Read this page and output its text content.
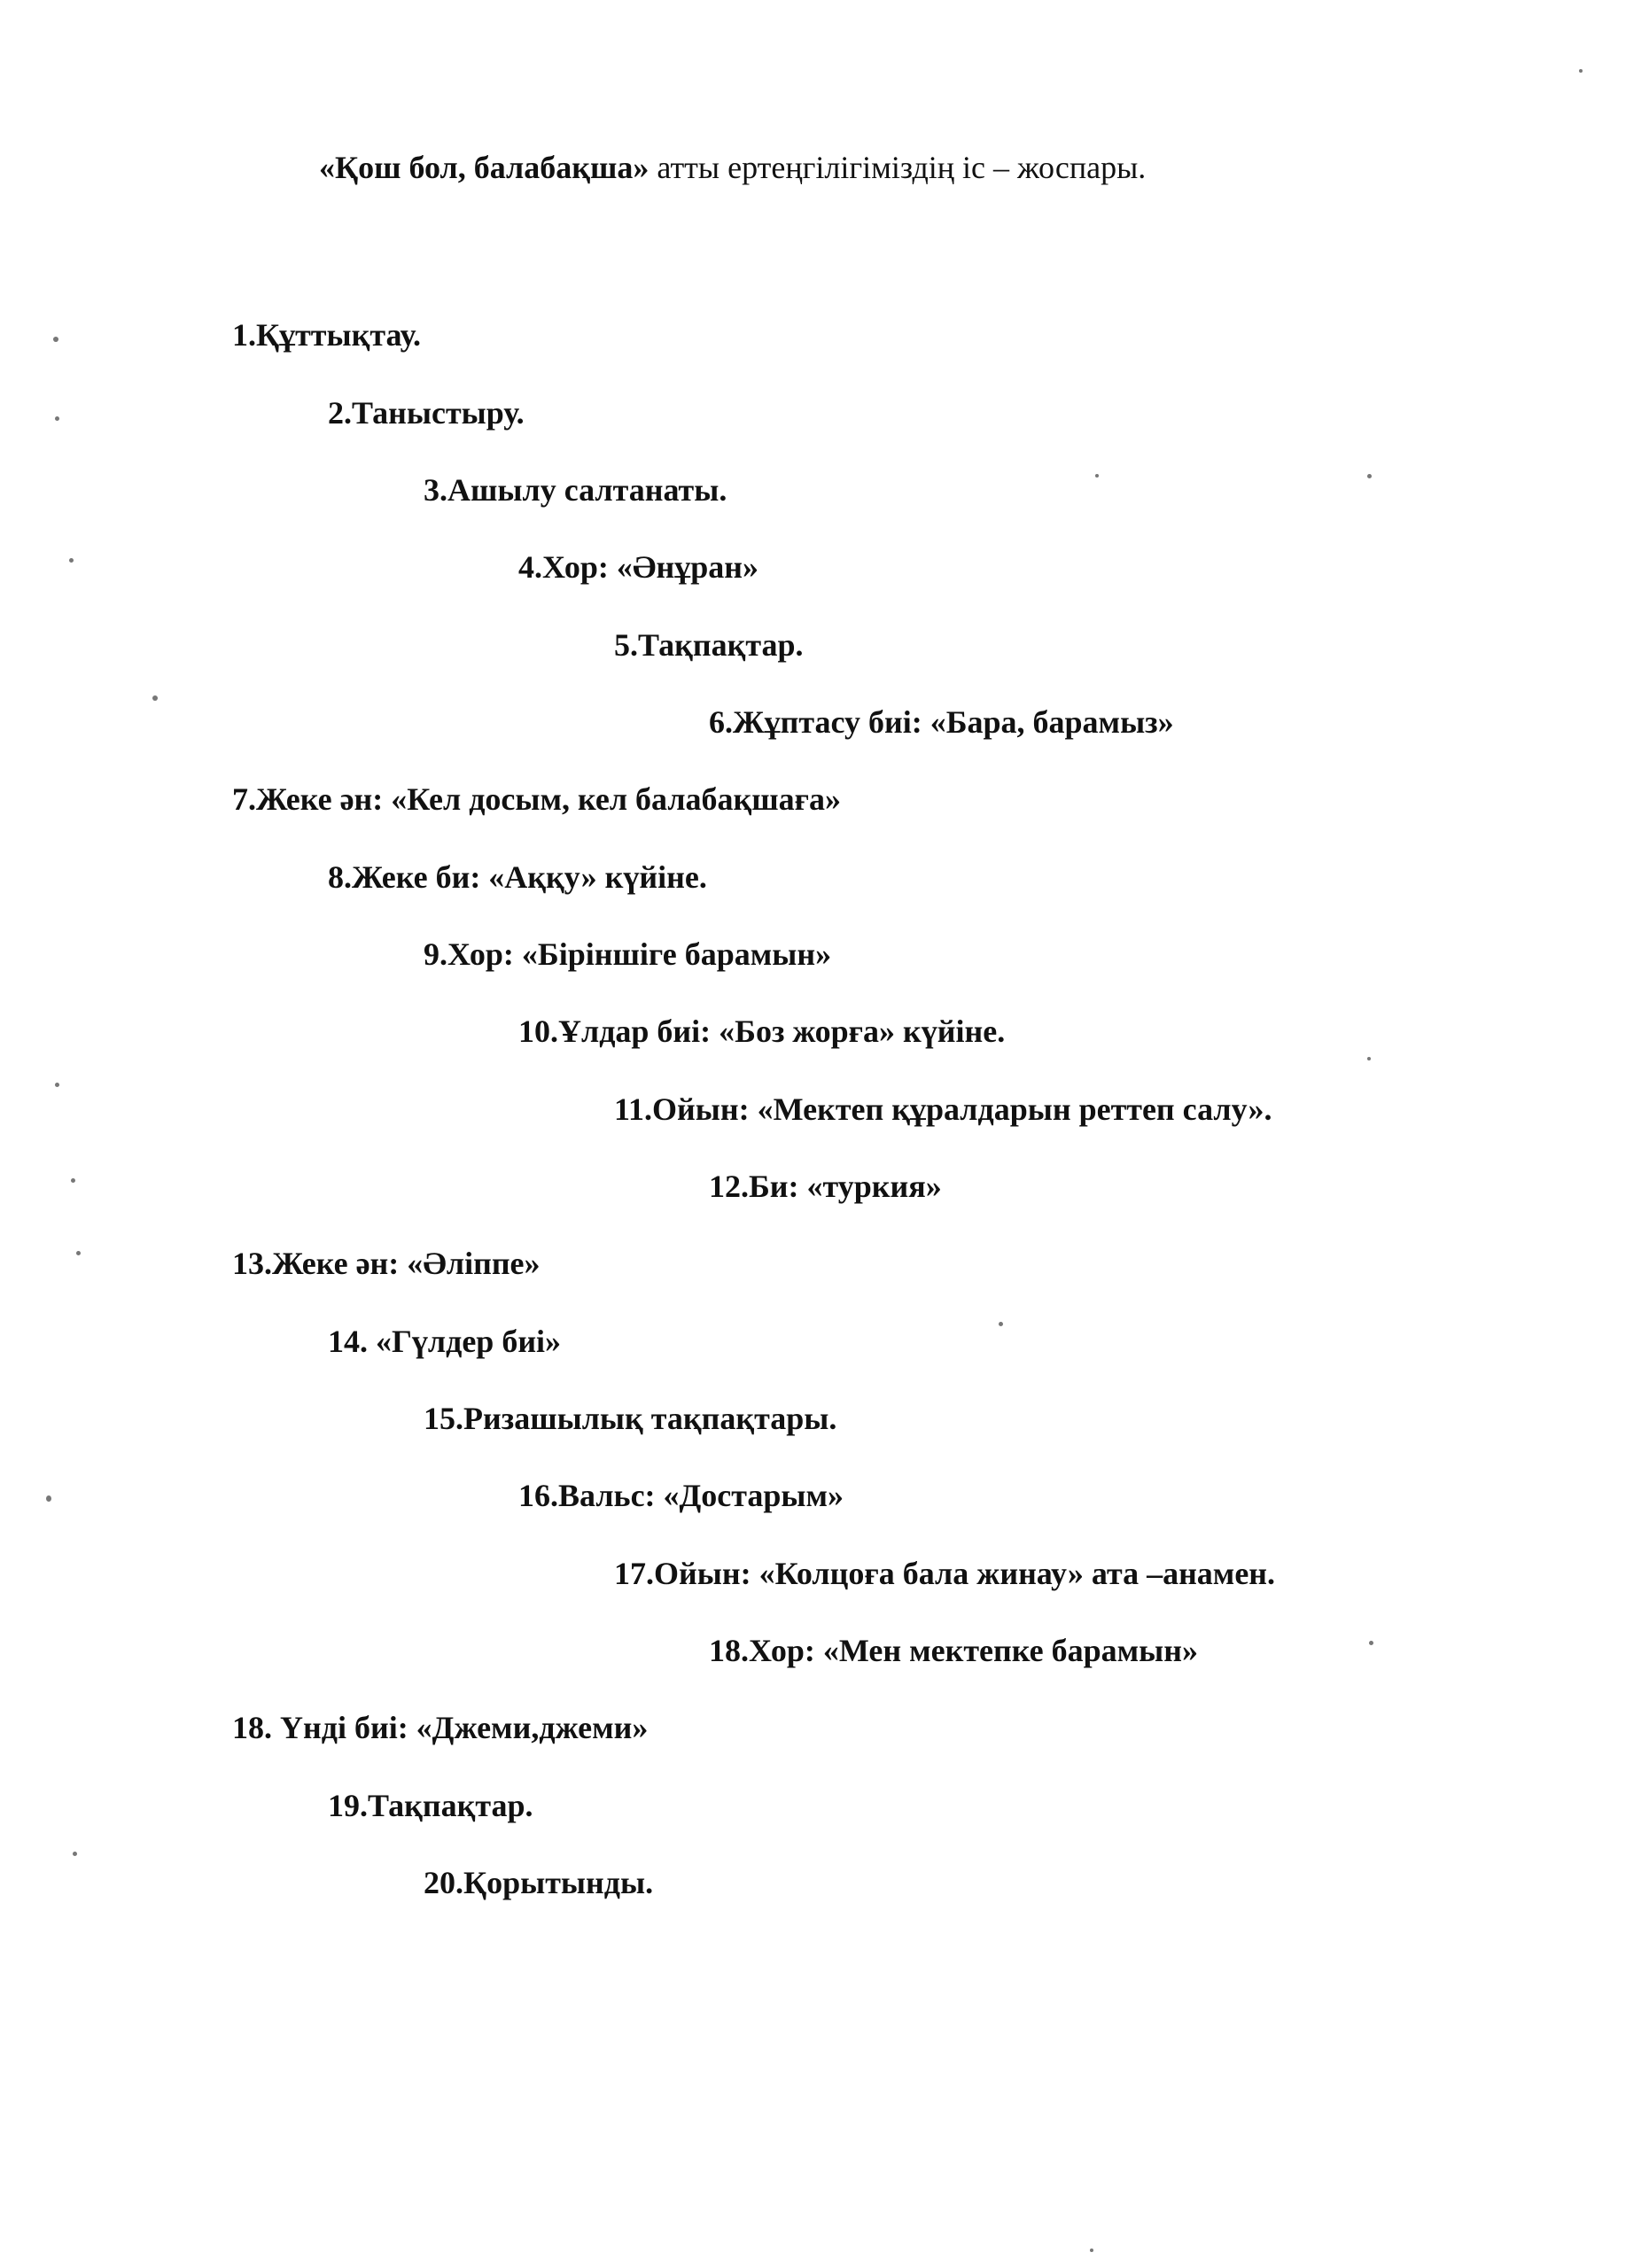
«Қош бол, балабақша» атты ертеңгілігіміздің іс – жоспары.
1.Құттықтау.
2.Таныстыру.
3.Ашылу салтанаты.
4.Хор: «Әнұран»
5.Тақпақтар.
6.Жұптасу биі: «Бара, барамыз»
7.Жеке ән: «Кел досым, кел балабақшаға»
8.Жеке би: «Аққу» күйіне.
9.Хор: «Біріншіге барамын»
10.Ұлдар биі: «Боз жорға» күйіне.
11.Ойын: «Мектеп құралдарын реттеп салу».
12.Би: «туркия»
13.Жеке ән: «Әліппе»
14. «Гүлдер биі»
15.Ризашылық тақпақтары.
16.Вальс: «Достарым»
17.Ойын: «Колцоға бала жинау» ата –анамен.
18.Хор: «Мен мектепке барамын»
18. Үнді биі: «Джеми,джеми»
19.Тақпақтар.
20.Қорытынды.
